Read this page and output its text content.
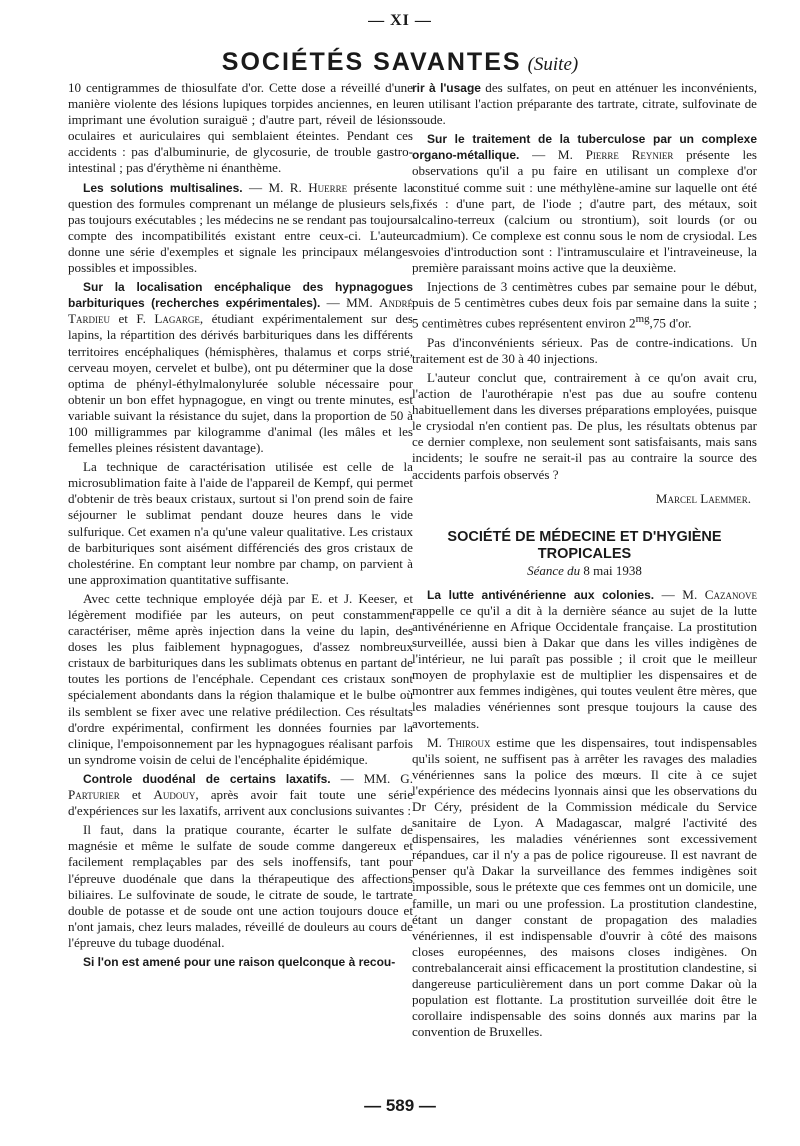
— XI —
SOCIÉTÉS SAVANTES (Suite)

10 centigrammes de thiosulfate d'or. Cette dose a réveillé d'une manière violente des lésions lupiques torpides anciennes, en leur imprimant une évolution suraiguë ; d'autre part, réveil de lésions oculaires et auriculaires qui semblaient éteintes. Pendant ces accidents : pas d'albuminurie, de glycosurie, de trouble gastro-intestinal ; pas d'érythème ni énanthème.

Les solutions multisalines. — M. R. Huerre présente la question des formules comprenant un mélange de plusieurs sels, pas toujours exécutables ; les médecins ne se rendant pas toujours compte des incompatibilités existant entre ceux-ci. L'auteur donne une série d'exemples et signale les principaux mélanges possibles et impossibles.

Sur la localisation encéphalique des hypnagogues barbituriques (recherches expérimentales). — MM. André Tardieu et F. Lagarge, étudiant expérimentalement sur des lapins, la répartition des dérivés barbituriques dans les différents territoires encéphaliques (hémisphères, thalamus et corps strié, cerveau moyen, cervelet et bulbe), ont pu déterminer que la dose optima de phényl-éthylmalonylurée soluble nécessaire pour obtenir un bon effet hypnagogue, en vingt ou trente minutes, est variable suivant la résistance du sujet, dans la proportion de 50 à 100 milligrammes par kilogramme d'animal (les mâles et les femelles pleines résistent davantage).

La technique de caractérisation utilisée est celle de la microsublimation faite à l'aide de l'appareil de Kempf, qui permet d'obtenir de très beaux cristaux, surtout si l'on prend soin de faire séjourner le sublimat pendant douze heures dans le vide sulfurique. Cet examen n'a qu'une valeur qualitative. Les cristaux de barbituriques sont aisément différenciés des gros cristaux de cholestérine. En comptant leur nombre par champ, on parvient à une approximation quantitative suffisante.

Avec cette technique employée déjà par E. et J. Keeser, et légèrement modifiée par les auteurs, on peut constamment caractériser, même après injection dans la veine du lapin, des doses les plus faiblement hypnagogues, d'assez nombreux cristaux de barbituriques dans les sublimats obtenus en partant de toutes les portions de l'encéphale. Cependant ces cristaux sont spécialement abondants dans la région thalamique et le bulbe où ils semblent se fixer avec une relative prédilection. Ces résultats d'ordre expérimental, confirment les données fournies par la clinique, l'empoisonnement par les hypnagogues réalisant parfois un syndrome voisin de celui de l'encéphalite épidémique.

Controle duodénal de certains laxatifs. — MM. G. Parturier et Audouy, après avoir fait toute une série d'expériences sur les laxatifs, arrivent aux conclusions suivantes :

Il faut, dans la pratique courante, écarter le sulfate de magnésie et même le sulfate de soude comme dangereux et facilement remplaçables par des sels inoffensifs, tant pour l'épreuve duodénale que dans la thérapeutique des affections biliaires. Le sulfovinate de soude, le citrate de soude, le tartrate double de potasse et de soude ont une action toujours douce et n'ont jamais, chez leurs malades, réveillé de douleurs au cours de l'épreuve du tubage duodénal.

Si l'on est amené pour une raison quelconque à recou-

rir à l'usage des sulfates, on peut en atténuer les inconvénients, en utilisant l'action préparante des tartrate, citrate, sulfovinate de soude.

Sur le traitement de la tuberculose par un complexe organo-métallique. — M. Pierre Reynier présente les observations qu'il a pu faire en utilisant un complexe d'or constitué comme suit : une méthylène-amine sur laquelle ont été fixés : d'une part, de l'iode ; d'autre part, des métaux, soit alcalino-terreux (calcium ou strontium), soit lourds (or ou cadmium). Ce complexe est connu sous le nom de crysiodal. Les voies d'introduction sont : l'intramusculaire et l'intraveineuse, la première paraissant moins active que la deuxième.

Injections de 3 centimètres cubes par semaine pour le début, puis de 5 centimètres cubes deux fois par semaine dans la suite ; 5 centimètres cubes représentent environ $2^{mg},75$ d'or.

Pas d'inconvénients sérieux. Pas de contre-indications. Un traitement est de 30 à 40 injections.

L'auteur conclut que, contrairement à ce qu'on avait cru, l'action de l'aurothérapie n'est pas due au soufre contenu habituellement dans les diverses préparations employées, puisque le crysiodal n'en contient pas. De plus, les résultats obtenus par ce dernier complexe, non seulement sont satisfaisants, mais sans incidents; le soufre ne serait-il pas au contraire la source des accidents parfois observés ?

Marcel Laemmer.

SOCIÉTÉ DE MÉDECINE ET D'HYGIÈNE TROPICALES

Séance du 8 mai 1938

La lutte antivénérienne aux colonies. — M. Cazanove rappelle ce qu'il a dit à la dernière séance au sujet de la lutte antivénérienne en Afrique Occidentale française. La prostitution surveillée, aussi bien à Dakar que dans les villes indigènes de l'intérieur, ne lui paraît pas possible ; il croit que le meilleur moyen de prophylaxie est de multiplier les dispensaires et de montrer aux femmes indigènes, qui toutes veulent être mères, que les maladies vénériennes sont presque toujours la cause des avortements.

M. Thiroux estime que les dispensaires, tout indispensables qu'ils soient, ne suffisent pas à arrêter les ravages des maladies vénériennes sans la police des mœurs. Il cite à ce sujet l'expérience des médecins lyonnais ainsi que les observations du Dr Céry, président de la Commission médicale du Service sanitaire de Lyon. A Madagascar, malgré l'activité des dispensaires, les maladies vénériennes sont excessivement répandues, car il n'y a pas de police rigoureuse. Il est navrant de penser qu'à Dakar la surveillance des femmes indigènes soit impossible, sous le prétexte que ces femmes ont un domicile, une famille, un mari ou une profession. La prostitution clandestine, étant un danger constant de propagation des maladies vénériennes, il est indispensable d'ouvrir à côté des maisons closes européennes, des maisons closes indigènes. On contrebalancerait ainsi efficacement la prostitution clandestine, si dangereuse particulièrement dans un port comme Dakar où la population est flottante. La prostitution surveillée doit être le corollaire indispensable des soins donnés aux marins par la convention de Bruxelles.

— 589 —
